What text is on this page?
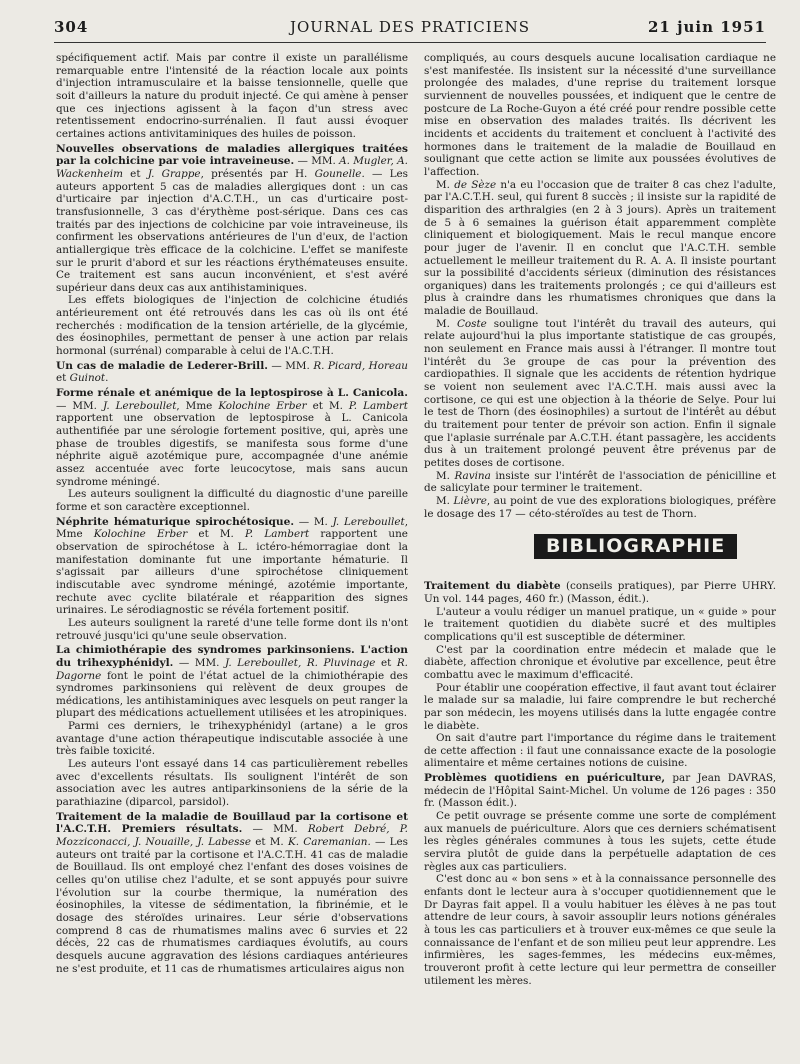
304	JOURNAL DES PRATICIENS	21 juin 1951

spécifiquement actif. Mais par contre il existe un parallélisme remarquable entre l'intensité de la réaction locale aux points d'injection intramusculaire et la baisse tensionnelle, quelle que soit d'ailleurs la nature du produit injecté. Ce qui amène à penser que ces injections agissent à la façon d'un stress avec retentissement endocrino-surrénalien. Il faut aussi évoquer certaines actions antivitaminiques des huiles de poisson.

Nouvelles observations de maladies allergiques traitées par la colchicine par voie intraveineuse. — MM. A. Mugler, A. Wackenheim et J. Grappe, présentés par H. Gounelle. — Les auteurs apportent 5 cas de maladies allergiques dont : un cas d'urticaire par injection d'A.C.T.H., un cas d'urticaire post-transfusionnelle, 3 cas d'érythème post-sérique. Dans ces cas traités par des injections de colchicine par voie intraveineuse, ils confirment les observations antérieures de l'un d'eux, de l'action antiallergique très efficace de la colchicine. L'effet se manifeste sur le prurit d'abord et sur les réactions érythémateuses ensuite. Ce traitement est sans aucun inconvénient, et s'est avéré supérieur dans deux cas aux antihistaminiques.

Les effets biologiques de l'injection de colchicine étudiés antérieurement ont été retrouvés dans les cas où ils ont été recherchés : modification de la tension artérielle, de la glycémie, des éosinophiles, permettant de penser à une action par relais hormonal (surrénal) comparable à celui de l'A.C.T.H.

Un cas de maladie de Lederer-Brill. — MM. R. Picard, Horeau et Guinot.

Forme rénale et anémique de la leptospirose à L. Canicola. — MM. J. Lereboullet, Mme Kolochine Erber et M. P. Lambert rapportent une observation de leptospirose à L. Canicola authentifiée par une sérologie fortement positive, qui, après une phase de troubles digestifs, se manifesta sous forme d'une néphrite aiguë azotémique pure, accompagnée d'une anémie assez accentuée avec forte leucocytose, mais sans aucun syndrome méningé.

Les auteurs soulignent la difficulté du diagnostic d'une pareille forme et son caractère exceptionnel.

Néphrite hématurique spirochétosique. — M. J. Lereboullet, Mme Kolochine Erber et M. P. Lambert rapportent une observation de spirochétose à L. ictéro-hémorragiae dont la manifestation dominante fut une importante hématurie. Il s'agissait par ailleurs d'une spirochétose cliniquement indiscutable avec syndrome méningé, azotémie importante, rechute avec cyclite bilatérale et réapparition des signes urinaires. Le sérodiagnostic se révéla fortement positif.

Les auteurs soulignent la rareté d'une telle forme dont ils n'ont retrouvé jusqu'ici qu'une seule observation.

La chimiothérapie des syndromes parkinsoniens. L'action du trihexyphénidyl. — MM. J. Lereboullet, R. Pluvinage et R. Dagorne font le point de l'état actuel de la chimiothérapie des syndromes parkinsoniens qui relèvent de deux groupes de médications, les antihistaminiques avec lesquels on peut ranger la plupart des médications actuellement utilisées et les atropiniques.

Parmi ces derniers, le trihexyphénidyl (artane) a le gros avantage d'une action thérapeutique indiscutable associée à une très faible toxicité.

Les auteurs l'ont essayé dans 14 cas particulièrement rebelles avec d'excellents résultats. Ils soulignent l'intérêt de son association avec les autres antiparkinsoniens de la série de la parathiazine (diparcol, parsidol).

Traitement de la maladie de Bouillaud par la cortisone et l'A.C.T.H. Premiers résultats. — MM. Robert Debré, P. Mozziconacci, J. Nouaille, J. Labesse et M. K. Caremanian. — Les auteurs ont traité par la cortisone et l'A.C.T.H. 41 cas de maladie de Bouillaud. Ils ont employé chez l'enfant des doses voisines de celles qu'on utilise chez l'adulte, et se sont appuyés pour suivre l'évolution sur la courbe thermique, la numération des éosinophiles, la vitesse de sédimentation, la fibrinémie, et le dosage des stéroïdes urinaires. Leur série d'observations comprend 8 cas de rhumatismes malins avec 6 survies et 22 décès, 22 cas de rhumatismes cardiaques évolutifs, au cours desquels aucune aggravation des lésions cardiaques antérieures ne s'est produite, et 11 cas de rhumatismes articulaires aigus non

compliqués, au cours desquels aucune localisation cardiaque ne s'est manifestée. Ils insistent sur la nécessité d'une surveillance prolongée des malades, d'une reprise du traitement lorsque surviennent de nouvelles poussées, et indiquent que le centre de postcure de La Roche-Guyon a été créé pour rendre possible cette mise en observation des malades traités. Ils décrivent les incidents et accidents du traitement et concluent à l'activité des hormones dans le traitement de la maladie de Bouillaud en soulignant que cette action se limite aux poussées évolutives de l'affection.

M. de Sèze n'a eu l'occasion que de traiter 8 cas chez l'adulte, par l'A.C.T.H. seul, qui furent 8 succès ; il insiste sur la rapidité de disparition des arthralgies (en 2 à 3 jours). Après un traitement de 5 à 6 semaines la guérison était apparemment complète cliniquement et biologiquement. Mais le recul manque encore pour juger de l'avenir. Il en conclut que l'A.C.T.H. semble actuellement le meilleur traitement du R. A. A. Il insiste pourtant sur la possibilité d'accidents sérieux (diminution des résistances organiques) dans les traitements prolongés ; ce qui d'ailleurs est plus à craindre dans les rhumatismes chroniques que dans la maladie de Bouillaud.

M. Coste souligne tout l'intérêt du travail des auteurs, qui relate aujourd'hui la plus importante statistique de cas groupés, non seulement en France mais aussi à l'étranger. Il montre tout l'intérêt du 3e groupe de cas pour la prévention des cardiopathies. Il signale que les accidents de rétention hydrique se voient non seulement avec l'A.C.T.H. mais aussi avec la cortisone, ce qui est une objection à la théorie de Selye. Pour lui le test de Thorn (des éosinophiles) a surtout de l'intérêt au début du traitement pour tenter de prévoir son action. Enfin il signale que l'aplasie surrénale par A.C.T.H. étant passagère, les accidents dus à un traitement prolongé peuvent être prévenus par de petites doses de cortisone.

M. Ravina insiste sur l'intérêt de l'association de pénicilline et de salicylate pour terminer le traitement.

M. Lièvre, au point de vue des explorations biologiques, préfère le dosage des 17 — céto-stéroïdes au test de Thorn.

BIBLIOGRAPHIE

Traitement du diabète (conseils pratiques), par Pierre UHRY. Un vol. 144 pages, 460 fr.) (Masson, édit.).

L'auteur a voulu rédiger un manuel pratique, un « guide » pour le traitement quotidien du diabète sucré et des multiples complications qu'il est susceptible de déterminer.

C'est par la coordination entre médecin et malade que le diabète, affection chronique et évolutive par excellence, peut être combattu avec le maximum d'efficacité.

Pour établir une coopération effective, il faut avant tout éclairer le malade sur sa maladie, lui faire comprendre le but recherché par son médecin, les moyens utilisés dans la lutte engagée contre le diabète.

On sait d'autre part l'importance du régime dans le traitement de cette affection : il faut une connaissance exacte de la posologie alimentaire et même certaines notions de cuisine.

Problèmes quotidiens en puériculture, par Jean DAVRAS, médecin de l'Hôpital Saint-Michel. Un volume de 126 pages : 350 fr. (Masson édit.).

Ce petit ouvrage se présente comme une sorte de complément aux manuels de puériculture. Alors que ces derniers schématisent les règles générales communes à tous les sujets, cette étude servira plutôt de guide dans la perpétuelle adaptation de ces règles aux cas particuliers.

C'est donc au « bon sens » et à la connaissance personnelle des enfants dont le lecteur aura à s'occuper quotidiennement que le Dr Dayras fait appel. Il a voulu habituer les élèves à ne pas tout attendre de leur cours, à savoir assouplir leurs notions générales à tous les cas particuliers et à trouver eux-mêmes ce que seule la connaissance de l'enfant et de son milieu peut leur apprendre. Les infirmières, les sages-femmes, les médecins eux-mêmes, trouveront profit à cette lecture qui leur permettra de conseiller utilement les mères.
